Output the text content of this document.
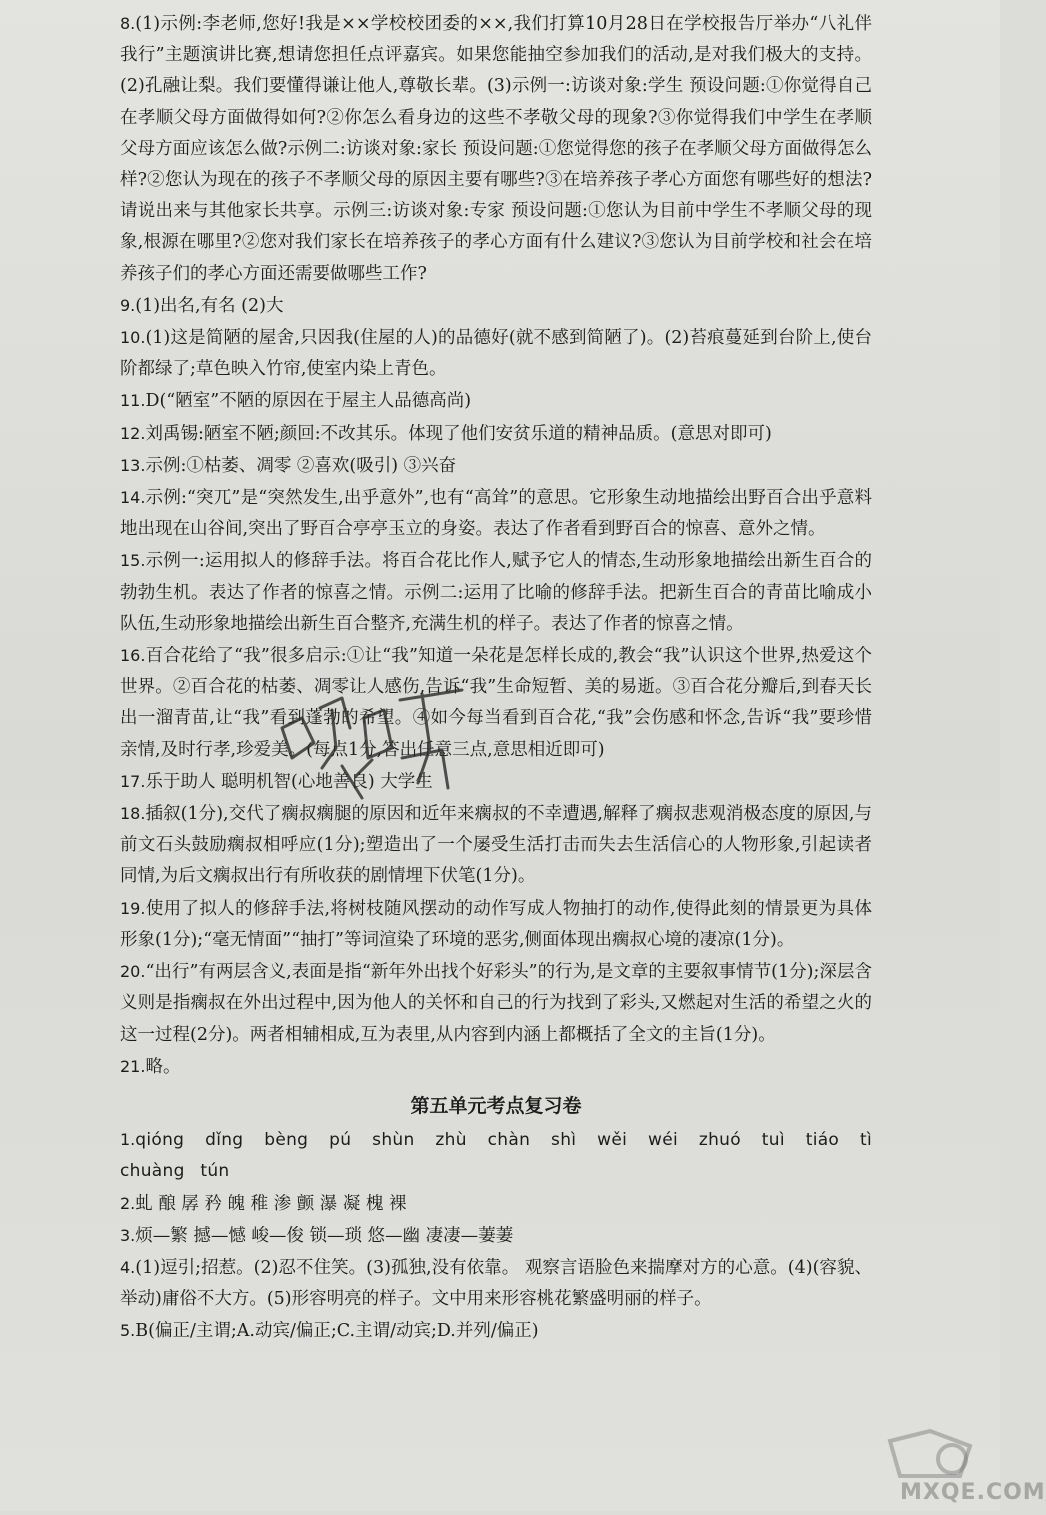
8.(1)示例:李老师,您好!我是××学校校团委的××,我们打算10月28日在学校报告厅举办“八礼伴我行”主题演讲比赛,想请您担任点评嘉宾。如果您能抽空参加我们的活动,是对我们极大的支持。(2)孔融让梨。我们要懂得谦让他人,尊敬长辈。(3)示例一:访谈对象:学生 预设问题:①你觉得自己在孝顺父母方面做得如何?②你怎么看身边的这些不孝敬父母的现象?③你觉得我们中学生在孝顺父母方面应该怎么做?示例二:访谈对象:家长 预设问题:①您觉得您的孩子在孝顺父母方面做得怎么样?②您认为现在的孩子不孝顺父母的原因主要有哪些?③在培养孩子孝心方面您有哪些好的想法?请说出来与其他家长共享。示例三:访谈对象:专家 预设问题:①您认为目前中学生不孝顺父母的现象,根源在哪里?②您对我们家长在培养孩子的孝心方面有什么建议?③您认为目前学校和社会在培养孩子们的孝心方面还需要做哪些工作?

9.(1)出名,有名 (2)大

10.(1)这是简陋的屋舍,只因我(住屋的人)的品德好(就不感到简陋了)。(2)苔痕蔓延到台阶上,使台阶都绿了;草色映入竹帘,使室内染上青色。

11.D(“陋室”不陋的原因在于屋主人品德高尚)

12.刘禹锡:陋室不陋;颜回:不改其乐。体现了他们安贫乐道的精神品质。(意思对即可)

13.示例:①枯萎、凋零 ②喜欢(吸引) ③兴奋

14.示例:“突兀”是“突然发生,出乎意外”,也有“高耸”的意思。它形象生动地描绘出野百合出乎意料地出现在山谷间,突出了野百合亭亭玉立的身姿。表达了作者看到野百合的惊喜、意外之情。

15.示例一:运用拟人的修辞手法。将百合花比作人,赋予它人的情态,生动形象地描绘出新生百合的勃勃生机。表达了作者的惊喜之情。示例二:运用了比喻的修辞手法。把新生百合的青苗比喻成小队伍,生动形象地描绘出新生百合整齐,充满生机的样子。表达了作者的惊喜之情。

16.百合花给了“我”很多启示:①让“我”知道一朵花是怎样长成的,教会“我”认识这个世界,热爱这个世界。②百合花的枯萎、凋零让人感伤,告诉“我”生命短暂、美的易逝。③百合花分瓣后,到春天长出一溜青苗,让“我”看到蓬勃的希望。④如今每当看到百合花,“我”会伤感和怀念,告诉“我”要珍惜亲情,及时行孝,珍爱美。(每点1分,答出任意三点,意思相近即可)

17.乐于助人 聪明机智(心地善良) 大学生

18.插叙(1分),交代了瘸叔瘸腿的原因和近年来瘸叔的不幸遭遇,解释了瘸叔悲观消极态度的原因,与前文石头鼓励瘸叔相呼应(1分);塑造出了一个屡受生活打击而失去生活信心的人物形象,引起读者同情,为后文瘸叔出行有所收获的剧情埋下伏笔(1分)。

19.使用了拟人的修辞手法,将树枝随风摆动的动作写成人物抽打的动作,使得此刻的情景更为具体形象(1分);“毫无情面”“抽打”等词渲染了环境的恶劣,侧面体现出瘸叔心境的凄凉(1分)。

20.“出行”有两层含义,表面是指“新年外出找个好彩头”的行为,是文章的主要叙事情节(1分);深层含义则是指瘸叔在外出过程中,因为他人的关怀和自己的行为找到了彩头,又燃起对生活的希望之火的这一过程(2分)。两者相辅相成,互为表里,从内容到内涵上都概括了全文的主旨(1分)。

21.略。

第五单元考点复习卷

1.qióng dǐng bèng pú shùn zhù chàn shì wěi wéi zhuó tuì tiáo tì chuàng tún

2.虬 酿 孱 矜 魄 稚 渗 颤 瀑 凝 槐 裸

3.烦—繁 撼—憾 峻—俊 锁—琐 悠—幽 凄凄—萋萋

4.(1)逗引;招惹。(2)忍不住笑。(3)孤独,没有依靠。 观察言语脸色来揣摩对方的心意。(4)(容貌、举动)庸俗不大方。(5)形容明亮的样子。文中用来形容桃花繁盛明丽的样子。

5.B(偏正/主谓;A.动宾/偏正;C.主谓/动宾;D.并列/偏正)

MXQE.COM
